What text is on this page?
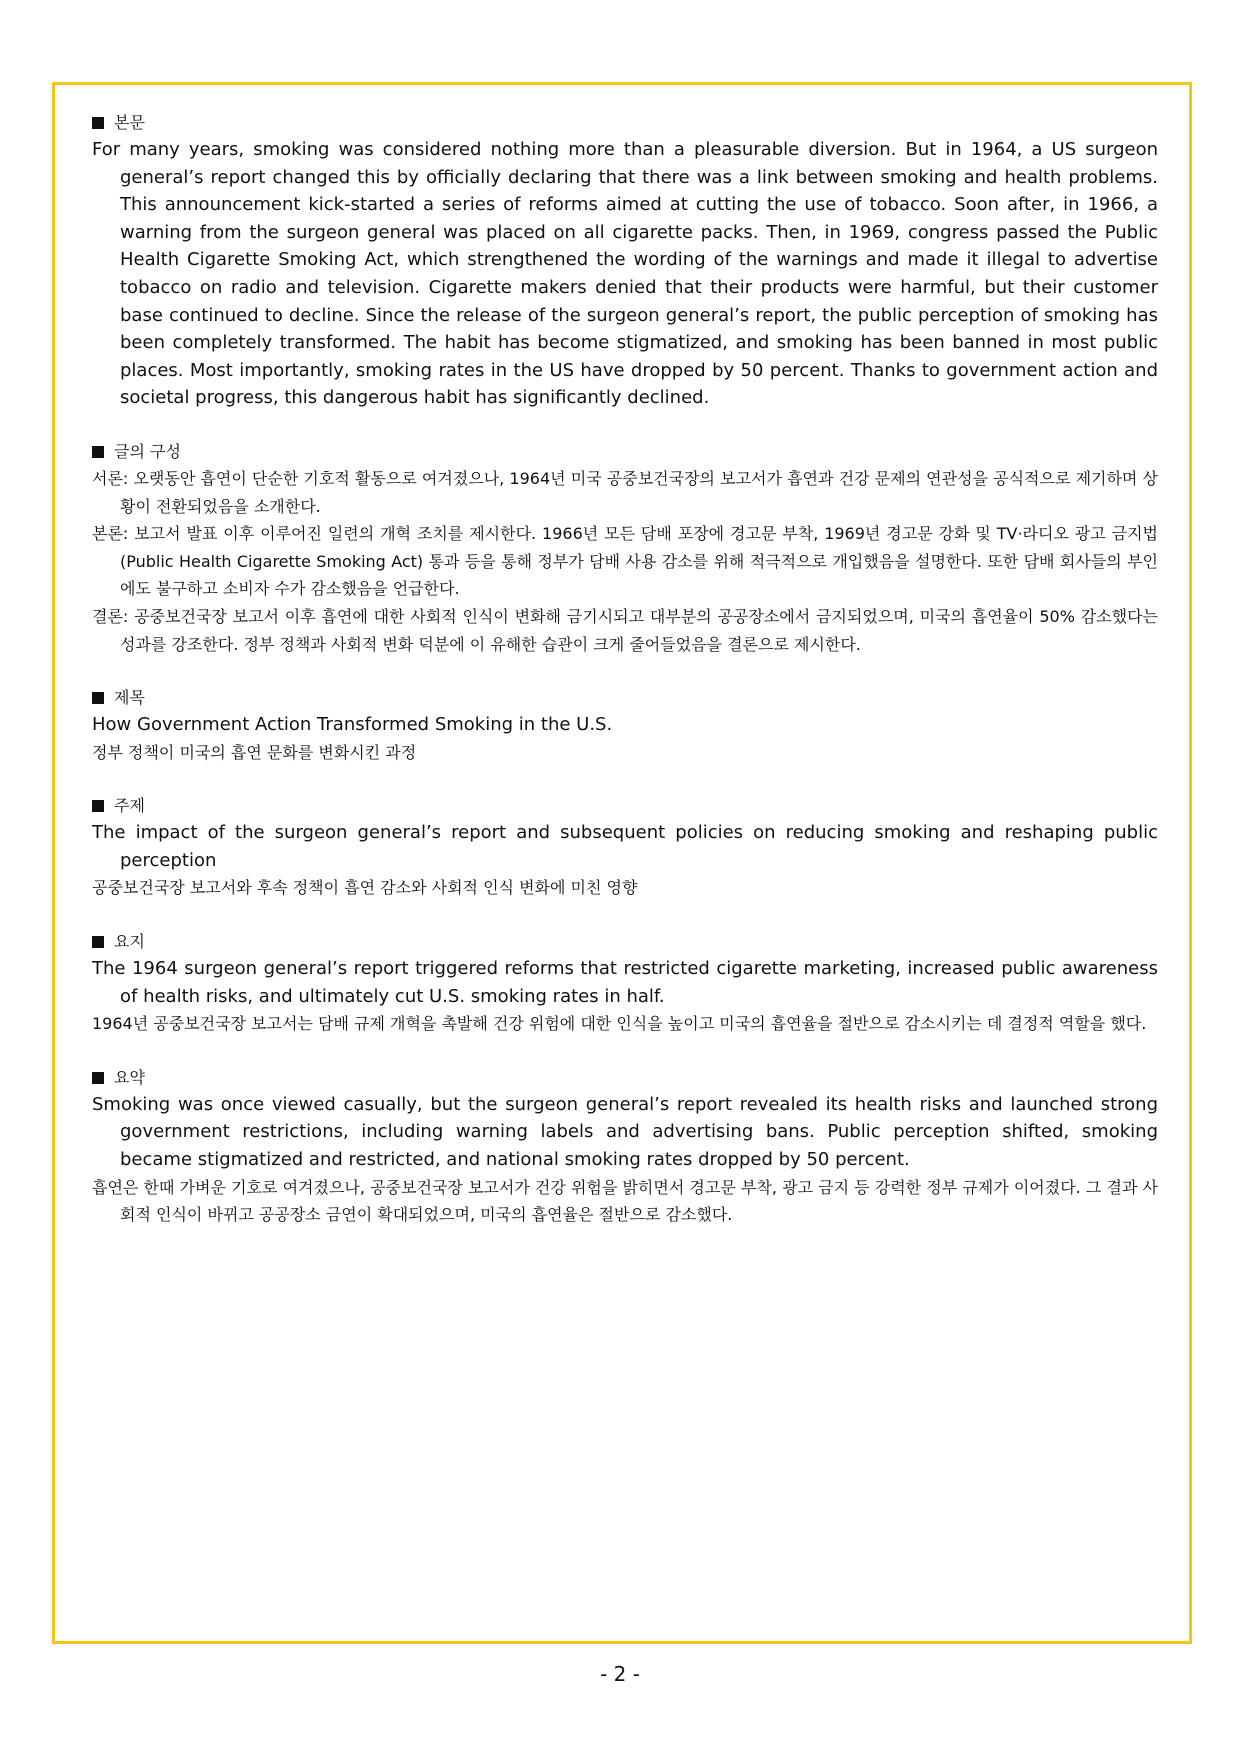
본문
For many years, smoking was considered nothing more than a pleasurable diversion. But in 1964, a US surgeon general’s report changed this by officially declaring that there was a link between smoking and health problems. This announcement kick-started a series of reforms aimed at cutting the use of tobacco. Soon after, in 1966, a warning from the surgeon general was placed on all cigarette packs. Then, in 1969, congress passed the Public Health Cigarette Smoking Act, which strengthened the wording of the warnings and made it illegal to advertise tobacco on radio and television. Cigarette makers denied that their products were harmful, but their customer base continued to decline. Since the release of the surgeon general’s report, the public perception of smoking has been completely transformed. The habit has become stigmatized, and smoking has been banned in most public places. Most importantly, smoking rates in the US have dropped by 50 percent. Thanks to government action and societal progress, this dangerous habit has significantly declined.
글의 구성
서론: 오랫동안 흡연이 단순한 기호적 활동으로 여겨졌으나, 1964년 미국 공중보건국장의 보고서가 흡연과 건강 문제의 연관성을 공식적으로 제기하며 상황이 전환되었음을 소개한다.
본론: 보고서 발표 이후 이루어진 일련의 개혁 조치를 제시한다. 1966년 모든 담배 포장에 경고문 부착, 1969년 경고문 강화 및 TV·라디오 광고 금지법(Public Health Cigarette Smoking Act) 통과 등을 통해 정부가 담배 사용 감소를 위해 적극적으로 개입했음을 설명한다. 또한 담배 회사들의 부인에도 불구하고 소비자 수가 감소했음을 언급한다.
결론: 공중보건국장 보고서 이후 흡연에 대한 사회적 인식이 변화해 금기시되고 대부분의 공공장소에서 금지되었으며, 미국의 흡연율이 50% 감소했다는 성과를 강조한다. 정부 정책과 사회적 변화 덕분에 이 유해한 습관이 크게 줄어들었음을 결론으로 제시한다.
제목
How Government Action Transformed Smoking in the U.S.
정부 정책이 미국의 흡연 문화를 변화시킨 과정
주제
The impact of the surgeon general’s report and subsequent policies on reducing smoking and reshaping public perception
공중보건국장 보고서와 후속 정책이 흡연 감소와 사회적 인식 변화에 미친 영향
요지
The 1964 surgeon general’s report triggered reforms that restricted cigarette marketing, increased public awareness of health risks, and ultimately cut U.S. smoking rates in half.
1964년 공중보건국장 보고서는 담배 규제 개혁을 촉발해 건강 위험에 대한 인식을 높이고 미국의 흡연율을 절반으로 감소시키는 데 결정적 역할을 했다.
요약
Smoking was once viewed casually, but the surgeon general’s report revealed its health risks and launched strong government restrictions, including warning labels and advertising bans. Public perception shifted, smoking became stigmatized and restricted, and national smoking rates dropped by 50 percent.
흡연은 한때 가벼운 기호로 여겨졌으나, 공중보건국장 보고서가 건강 위험을 밝히면서 경고문 부착, 광고 금지 등 강력한 정부 규제가 이어졌다. 그 결과 사회적 인식이 바뀌고 공공장소 금연이 확대되었으며, 미국의 흡연율은 절반으로 감소했다.
- 2 -
